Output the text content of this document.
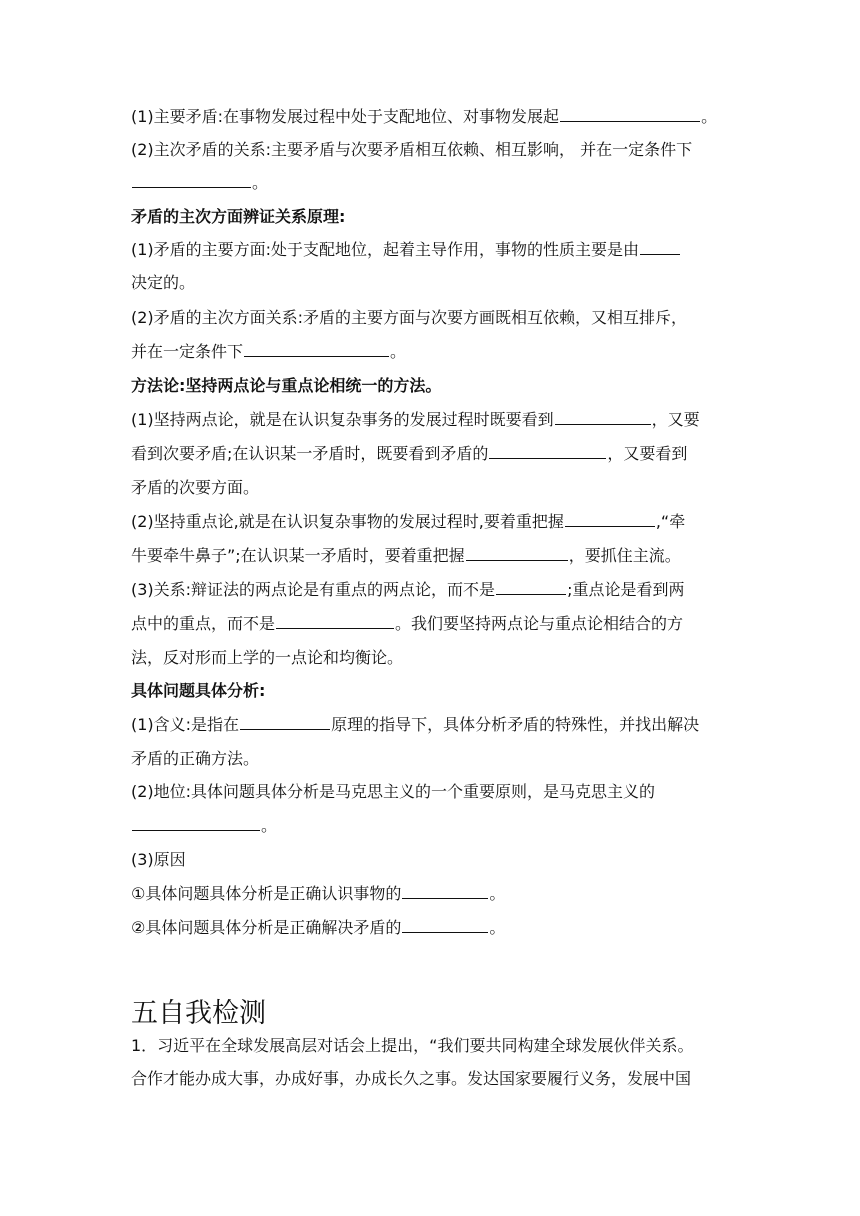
(1)主要矛盾:在事物发展过程中处于支配地位、对事物发展起	。
(2)主次矛盾的关系:主要矛盾与次要矛盾相互依赖、相互影响， 并在一定条件下
。
矛盾的主次方面辨证关系原理:
(1)矛盾的主要方面:处于支配地位，起着主导作用，事物的性质主要是由
决定的。
(2)矛盾的主次方面关系:矛盾的主要方面与次要方画既相互依赖，又相互排斥，
并在一定条件下	。
方法论:坚持两点论与重点论相统一的方法。
(1)坚持两点论，就是在认识复杂事务的发展过程时既要看到	，又要
看到次要矛盾;在认识某一矛盾时，既要看到矛盾的	，又要看到
矛盾的次要方面。
(2)坚持重点论,就是在认识复杂事物的发展过程时,要着重把握	,“牵
牛要牵牛鼻子”;在认识某一矛盾时，要着重把握	，要抓住主流。
(3)关系:辩证法的两点论是有重点的两点论，而不是	;重点论是看到两
点中的重点，而不是	。我们要坚持两点论与重点论相结合的方
法，反对形而上学的一点论和均衡论。
具体问题具体分析:
(1)含义:是指在	原理的指导下，具体分析矛盾的特殊性，并找出解决
矛盾的正确方法。
(2)地位:具体问题具体分析是马克思主义的一个重要原则，是马克思主义的
。
(3)原因
①具体问题具体分析是正确认识事物的	。
②具体问题具体分析是正确解决矛盾的	。
五自我检测
1．习近平在全球发展高层对话会上提出，“我们要共同构建全球发展伙伴关系。
合作才能办成大事，办成好事，办成长久之事。发达国家要履行义务，发展中国
